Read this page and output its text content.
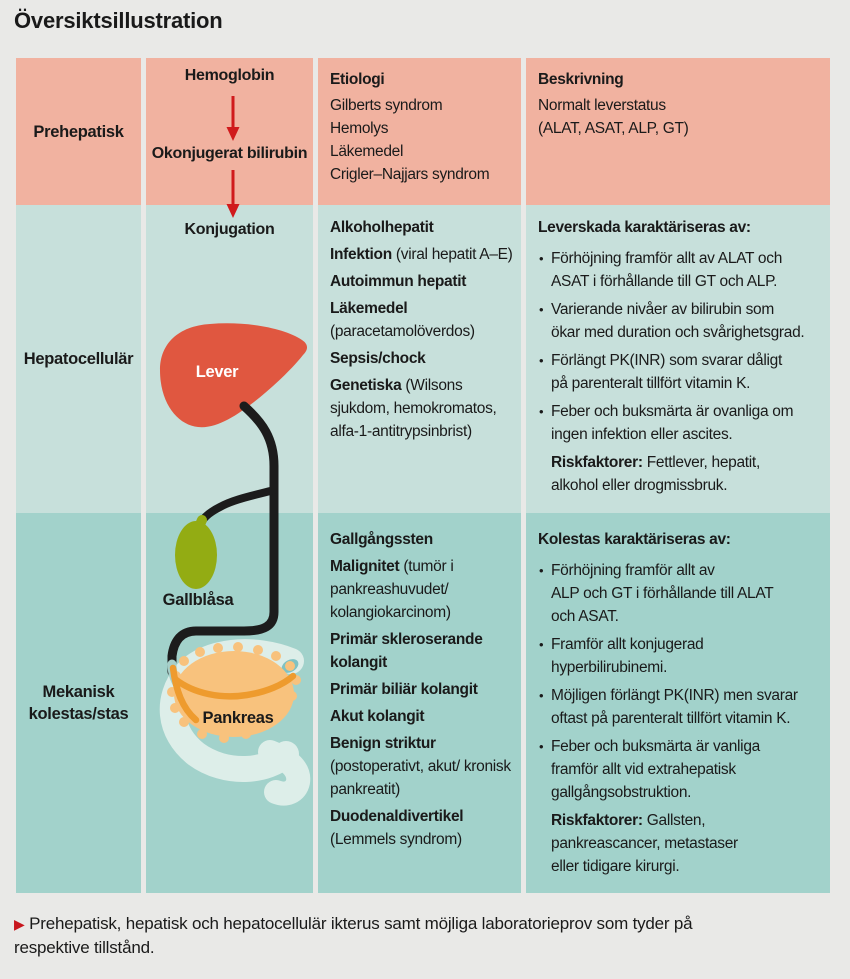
Översiktsillustration
Prehepatisk
Hepatocellulär
Mekanisk kolestas/stas
Hemoglobin
Okonjugerat bilirubin
Konjugation
Lever
Gallblåsa
Pankreas
Etiologi
Gilberts syndrom
Hemolys
Läkemedel
Crigler–Najjars syndrom
Alkoholhepatit
Infektion (viral hepatit A–E)
Autoimmun hepatit
Läkemedel (paracetamolöverdos)
Sepsis/chock
Genetiska (Wilsons sjukdom, hemokromatos, alfa-1-antitrypsinbrist)
Gallgångssten
Malignitet (tumör i pankreashuvudet/ kolangiokarcinom)
Primär skleroserande kolangit
Primär biliär kolangit
Akut kolangit
Benign striktur (postoperativt, akut/ kronisk pankreatit)
Duodenaldivertikel (Lemmels syndrom)
Beskrivning
Normalt leverstatus
(ALAT, ASAT, ALP, GT)
Leverskada karaktäriseras av:
• Förhöjning framför allt av ALAT och
ASAT i förhållande till GT och ALP.
• Varierande nivåer av bilirubin som
ökar med duration och svårighetsgrad.
• Förlängt PK(INR) som svarar dåligt
på parenteralt tillfört vitamin K.
• Feber och buksmärta är ovanliga om
ingen infektion eller ascites.
Riskfaktorer: Fettlever, hepatit,
alkohol eller drogmissbruk.
Kolestas karaktäriseras av:
• Förhöjning framför allt av
ALP och GT i förhållande till ALAT
och ASAT.
• Framför allt konjugerad
hyperbilirubinemi.
• Möjligen förlängt PK(INR) men svarar
oftast på parenteralt tillfört vitamin K.
• Feber och buksmärta är vanliga
framför allt vid extrahepatisk
gallgångsobstruktion.
Riskfaktorer: Gallsten,
pankreascancer, metastaser
eller tidigare kirurgi.
▶ Prehepatisk, hepatisk och hepatocellulär ikterus samt möjliga laboratorieprov som tyder på
respektive tillstånd.
